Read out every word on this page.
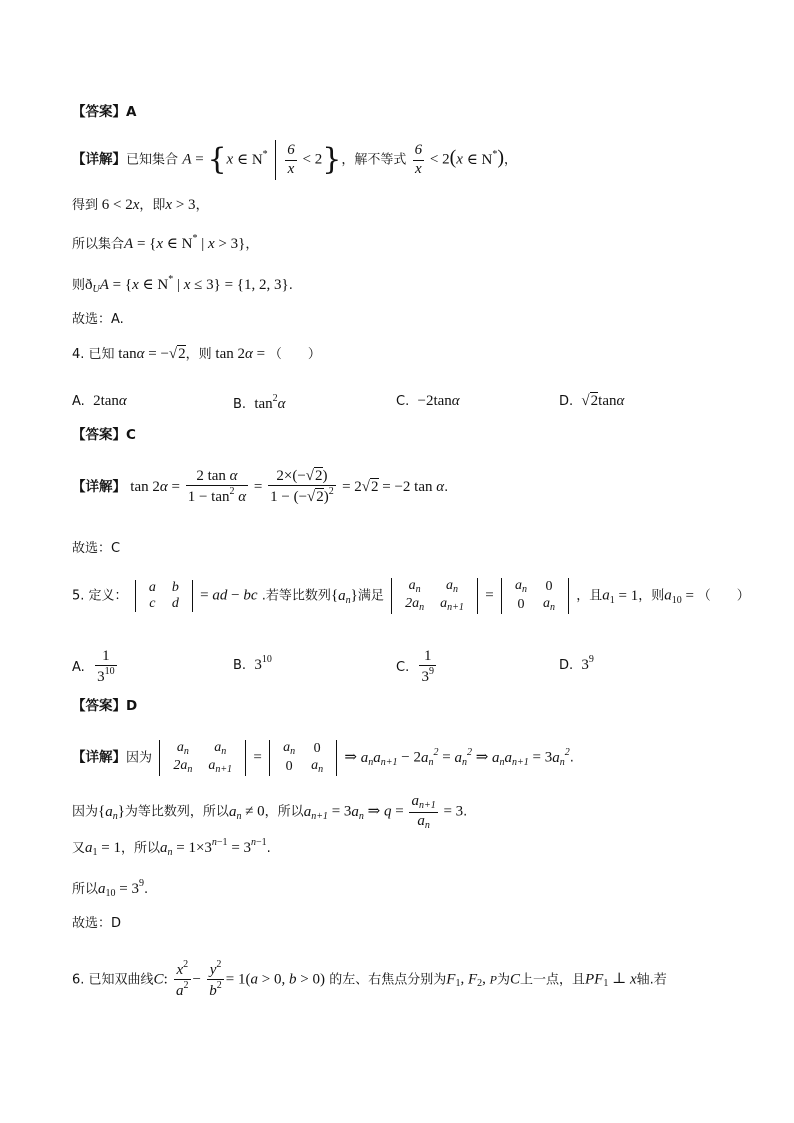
【答案】A
【详解】已知集合 A = {x ∈ $N^* \frac{6}{x} < 2$}，解不等式 $\frac{6}{x} < 2(x$ ∈ N*)，
得到 6 < 2x，即x > 3，
所以集合A = {x ∈ N* | x > 3}，
则$ð_UA = \{x$ ∈ N* | x ≤ 3} = {1, 2, 3}.
故选：A.
4. 已知 tanα = −√2，则 tan 2α = （　　）
A. 2tanα	B. $\tan^2\alpha$	C. −2tanα	D. √2tanα
【答案】C
【详解】 $\tan 2\alpha = \frac{\text{2 tan α}}{1 - \tan^2 \alpha} = \frac{2\times(-√2)}{1 - (-√2)^2} = 2√2 = -2$ tan α.
故选：C
5. 定义：
a	b
c	d = ad − bc .若等比数列$\{a_n\}$满足
$a_n$	$a_n$
$2a_n$	$a_{n+1}$
=
$a_n$	0
0	$a_n$
，且$a_1 = 1$，则$a_{10}$ = （　　）
A. $\frac{1}{3^{10}}$	B. $3^{10}$
C. $\frac{1}{3^9}$	D. $3^9$
【答案】D
【详解】因为
$a_n$	$a_n$
$2a_n$	$a_{n+1}$
=
$a_n$	0
0	$a_n$
⇒ $a_na_{n+1} - 2a_n^2 = a_n^2$ ⇒ $a_na_{n+1} = 3a_n^2$.
因为$\{a_n\}$为等比数列，所以$a_n \ne 0$，所以$a_{n+1} = 3a_n$ ⇒ $q = \frac{a_{n+1}}{a_n} = 3$.
又$a_1 = 1$，所以$a_n = 1\times 3^{n-1} = 3^{n-1}$.
所以$a_{10} = 3^9$.
故选：D
6. 已知双曲线C: $\frac{x^2}{a^2} - \frac{y^2}{b^2} = 1(a > 0$, b > 0) 的左、右焦点分别为$F_1$, $F_2$, P为C上一点，且$PF_1$ ⊥ x轴.若
